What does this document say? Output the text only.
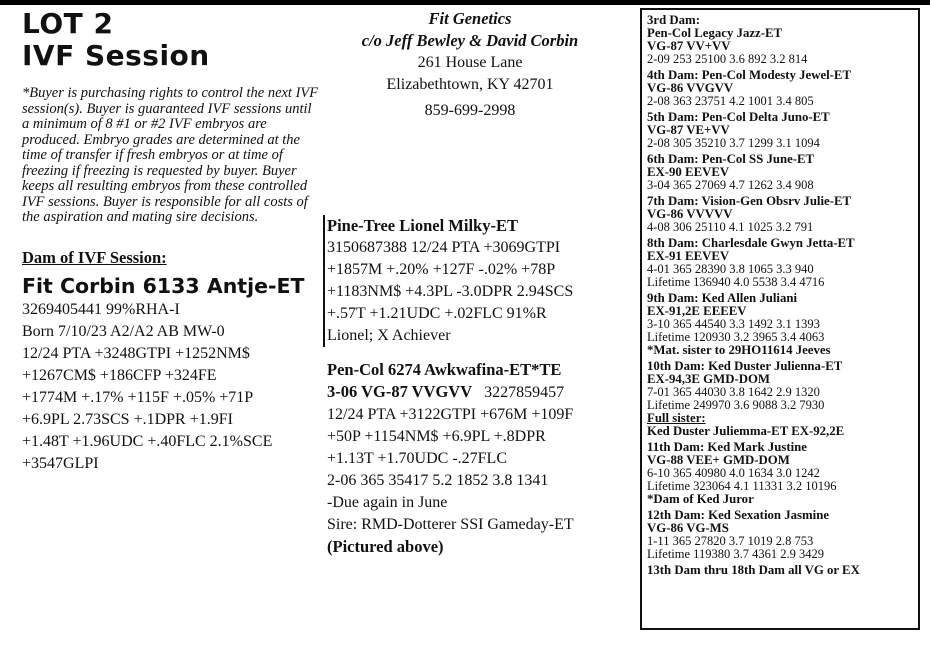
LOT 2
IVF Session
*Buyer is purchasing rights to control the next IVF session(s). Buyer is guaranteed IVF sessions until a minimum of 8 #1 or #2 IVF embryos are produced. Embryo grades are determined at the time of transfer if fresh embryos or at time of freezing if freezing is requested by buyer. Buyer keeps all resulting embryos from these controlled IVF sessions. Buyer is responsible for all costs of the aspiration and mating sire decisions.
Dam of IVF Session:
Fit Corbin 6133 Antje-ET
3269405441 99%RHA-I
Born 7/10/23 A2/A2 AB MW-0
12/24 PTA +3248GTPI +1252NM$
+1267CM$ +186CFP +324FE
+1774M +.17% +115F +.05% +71P
+6.9PL 2.73SCS +.1DPR +1.9FI
+1.48T +1.96UDC +.40FLC 2.1%SCE
+3547GLPI
Fit Genetics
c/o Jeff Bewley & David Corbin
261 House Lane
Elizabethtown, KY 42701
859-699-2998
Pine-Tree Lionel Milky-ET
3150687388 12/24 PTA +3069GTPI
+1857M +.20% +127F -.02% +78P
+1183NM$ +4.3PL -3.0DPR 2.94SCS
+.57T +1.21UDC +.02FLC 91%R
Lionel; X Achiever
Pen-Col 6274 Awkwafina-ET*TE
3-06 VG-87 VVGVV 3227859457
12/24 PTA +3122GTPI +676M +109F
+50P +1154NM$ +6.9PL +.8DPR
+1.13T +1.70UDC -.27FLC
2-06 365 35417 5.2 1852 3.8 1341
-Due again in June
Sire: RMD-Dotterer SSI Gameday-ET
(Pictured above)
3rd Dam:
Pen-Col Legacy Jazz-ET
VG-87 VV+VV
2-09 253 25100 3.6 892 3.2 814
4th Dam: Pen-Col Modesty Jewel-ET
VG-86 VVGVV
2-08 363 23751 4.2 1001 3.4 805
5th Dam: Pen-Col Delta Juno-ET
VG-87 VE+VV
2-08 305 35210 3.7 1299 3.1 1094
6th Dam: Pen-Col SS June-ET
EX-90 EEVEV
3-04 365 27069 4.7 1262 3.4 908
7th Dam: Vision-Gen Obsrv Julie-ET
VG-86 VVVVV
4-08 306 25110 4.1 1025 3.2 791
8th Dam: Charlesdale Gwyn Jetta-ET
EX-91 EEVEV
4-01 365 28390 3.8 1065 3.3 940
Lifetime 136940 4.0 5538 3.4 4716
9th Dam: Ked Allen Juliani
EX-91,2E EEEEV
3-10 365 44540 3.3 1492 3.1 1393
Lifetime 120930 3.2 3965 3.4 4063
*Mat. sister to 29HO11614 Jeeves
10th Dam: Ked Duster Julienna-ET
EX-94,3E GMD-DOM
7-01 365 44030 3.8 1642 2.9 1320
Lifetime 249970 3.6 9088 3.2 7930
Full sister:
Ked Duster Juliemma-ET EX-92,2E
11th Dam: Ked Mark Justine
VG-88 VEE+ GMD-DOM
6-10 365 40980 4.0 1634 3.0 1242
Lifetime 323064 4.1 11331 3.2 10196
*Dam of Ked Juror
12th Dam: Ked Sexation Jasmine
VG-86 VG-MS
1-11 365 27820 3.7 1019 2.8 753
Lifetime 119380 3.7 4361 2.9 3429
13th Dam thru 18th Dam all VG or EX
